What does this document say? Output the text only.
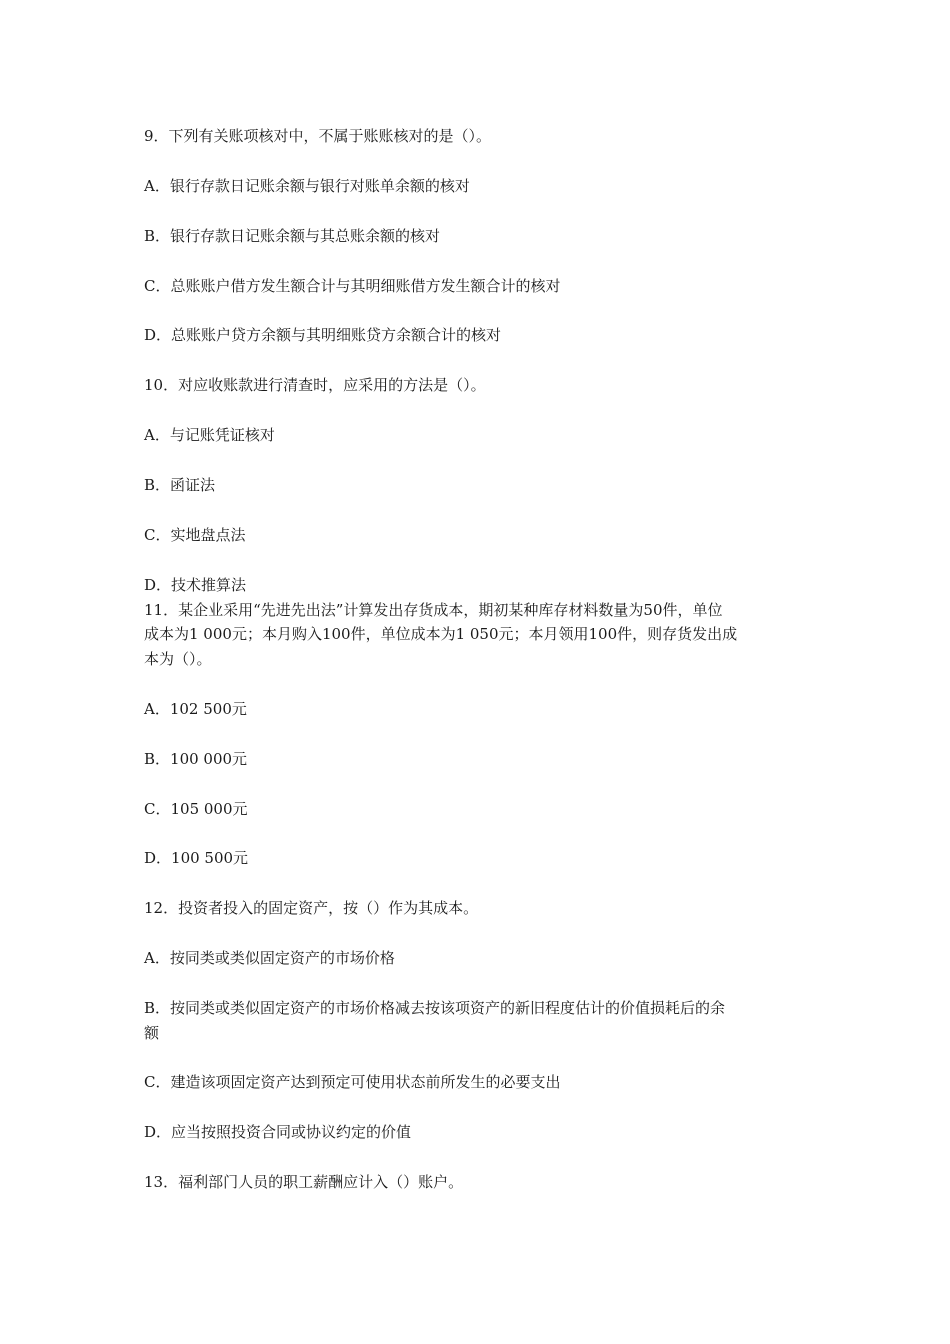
9．下列有关账项核对中，不属于账账核对的是（）。
A．银行存款日记账余额与银行对账单余额的核对
B．银行存款日记账余额与其总账余额的核对
C．总账账户借方发生额合计与其明细账借方发生额合计的核对
D．总账账户贷方余额与其明细账贷方余额合计的核对
10．对应收账款进行清查时，应采用的方法是（）。
A．与记账凭证核对
B．函证法
C．实地盘点法
D．技术推算法
11．某企业采用“先进先出法”计算发出存货成本，期初某种库存材料数量为50件，单位
成本为1 000元；本月购入100件，单位成本为1 050元；本月领用100件，则存货发出成
本为（）。
A．102 500元
B．100 000元
C．105 000元
D．100 500元
12．投资者投入的固定资产，按（）作为其成本。
A．按同类或类似固定资产的市场价格
B．按同类或类似固定资产的市场价格减去按该项资产的新旧程度估计的价值损耗后的余
额
C．建造该项固定资产达到预定可使用状态前所发生的必要支出
D．应当按照投资合同或协议约定的价值
13．福利部门人员的职工薪酬应计入（）账户。
